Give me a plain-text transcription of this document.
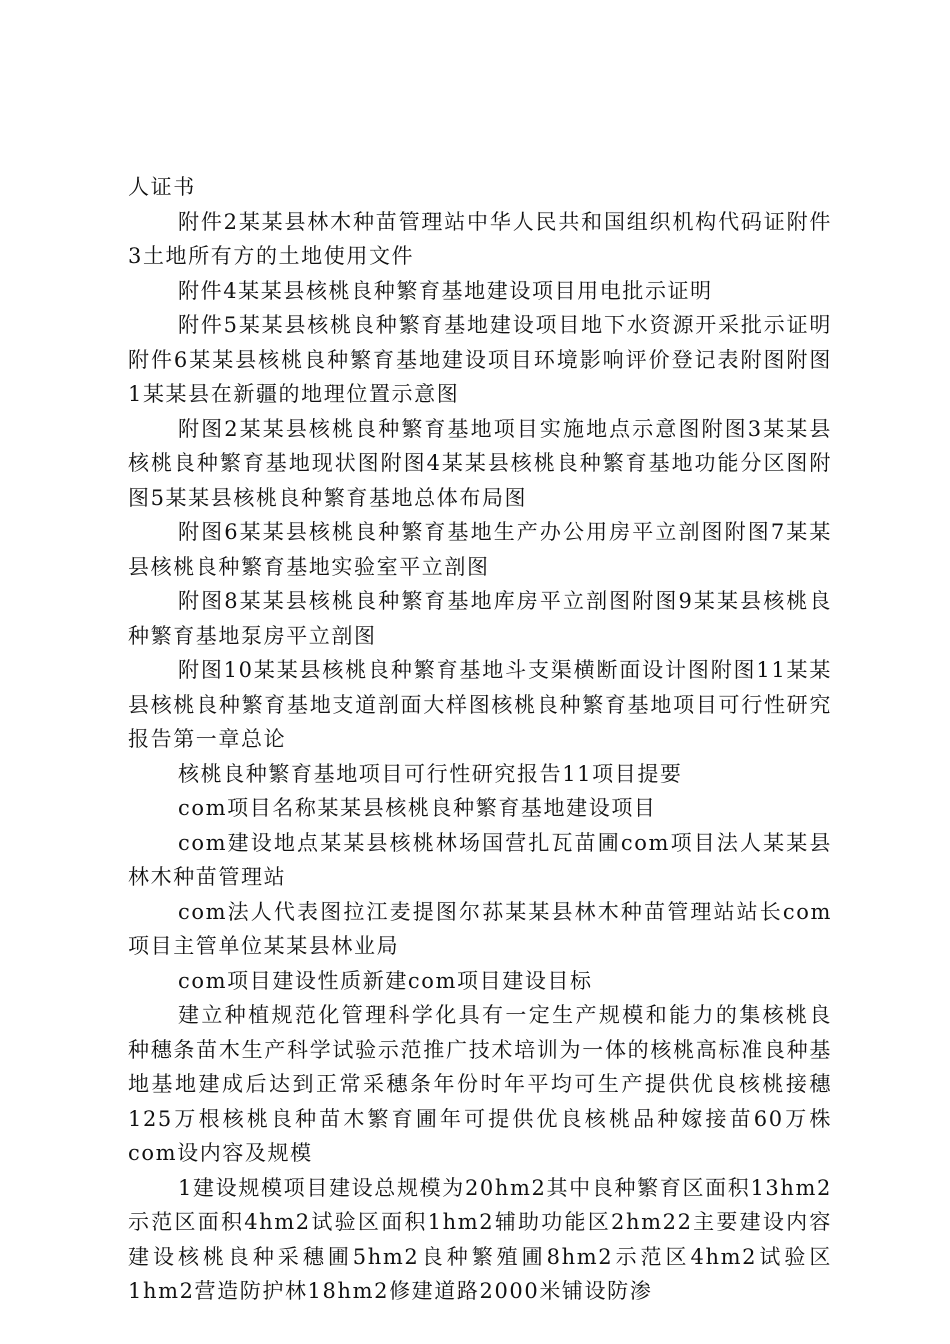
人证书

附件2某某县林木种苗管理站中华人民共和国组织机构代码证附件3土地所有方的土地使用文件

附件4某某县核桃良种繁育基地建设项目用电批示证明

附件5某某县核桃良种繁育基地建设项目地下水资源开采批示证明附件6某某县核桃良种繁育基地建设项目环境影响评价登记表附图附图1某某县在新疆的地理位置示意图

附图2某某县核桃良种繁育基地项目实施地点示意图附图3某某县核桃良种繁育基地现状图附图4某某县核桃良种繁育基地功能分区图附图5某某县核桃良种繁育基地总体布局图

附图6某某县核桃良种繁育基地生产办公用房平立剖图附图7某某县核桃良种繁育基地实验室平立剖图

附图8某某县核桃良种繁育基地库房平立剖图附图9某某县核桃良种繁育基地泵房平立剖图

附图10某某县核桃良种繁育基地斗支渠横断面设计图附图11某某县核桃良种繁育基地支道剖面大样图核桃良种繁育基地项目可行性研究报告第一章总论

核桃良种繁育基地项目可行性研究报告11项目提要

com项目名称某某县核桃良种繁育基地建设项目

com建设地点某某县核桃林场国营扎瓦苗圃com项目法人某某县林木种苗管理站

com法人代表图拉江麦提图尔荪某某县林木种苗管理站站长com项目主管单位某某县林业局

com项目建设性质新建com项目建设目标

建立种植规范化管理科学化具有一定生产规模和能力的集核桃良种穗条苗木生产科学试验示范推广技术培训为一体的核桃高标准良种基地基地建成后达到正常采穗条年份时年平均可生产提供优良核桃接穗125万根核桃良种苗木繁育圃年可提供优良核桃品种嫁接苗60万株com设内容及规模

1建设规模项目建设总规模为20hm2其中良种繁育区面积13hm2示范区面积4hm2试验区面积1hm2辅助功能区2hm22主要建设内容建设核桃良种采穗圃5hm2良种繁殖圃8hm2示范区4hm2试验区1hm2营造防护林18hm2修建道路2000米铺设防渗
